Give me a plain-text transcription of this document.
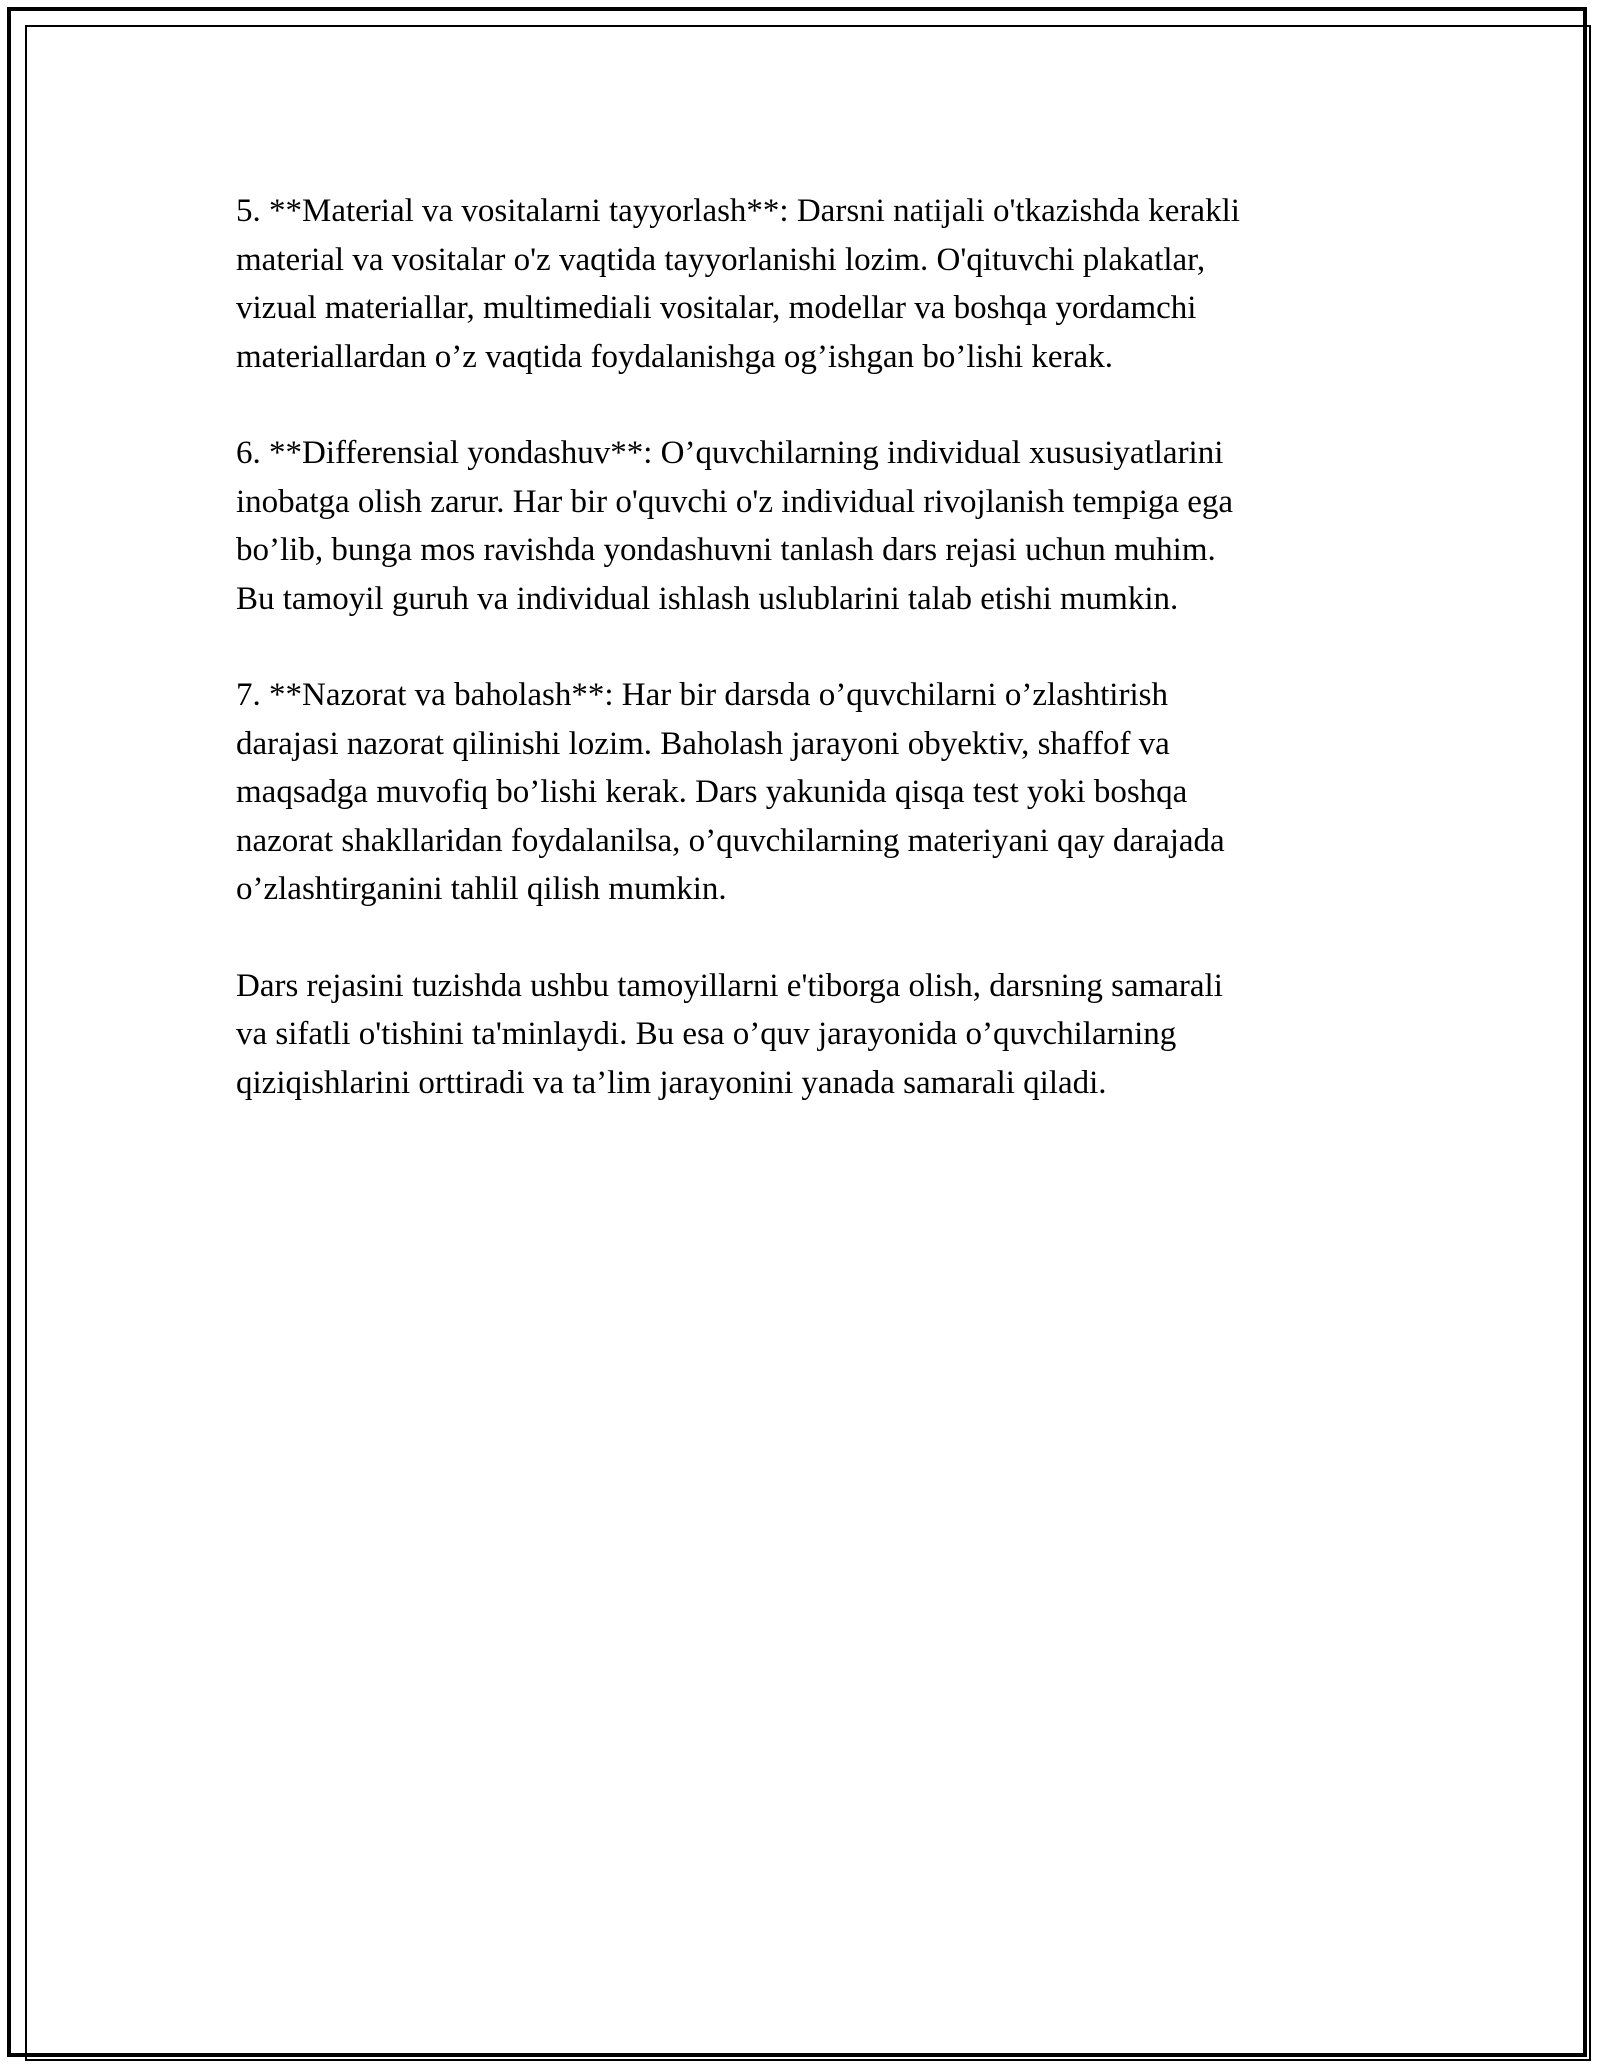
5. **Material va vositalarni tayyorlash**: Darsni natijali o'tkazishda kerakli
material va vositalar o'z vaqtida tayyorlanishi lozim. O'qituvchi plakatlar,
vizual materiallar, multimediali vositalar, modellar va boshqa yordamchi
materiallardan o’z vaqtida foydalanishga og’ishgan bo’lishi kerak.

6. **Differensial yondashuv**: O’quvchilarning individual xususiyatlarini
inobatga olish zarur. Har bir o'quvchi o'z individual rivojlanish tempiga ega
bo’lib, bunga mos ravishda yondashuvni tanlash dars rejasi uchun muhim.
Bu tamoyil guruh va individual ishlash uslublarini talab etishi mumkin.

7. **Nazorat va baholash**: Har bir darsda o’quvchilarni o’zlashtirish
darajasi nazorat qilinishi lozim. Baholash jarayoni obyektiv, shaffof va
maqsadga muvofiq bo’lishi kerak. Dars yakunida qisqa test yoki boshqa
nazorat shakllaridan foydalanilsa, o’quvchilarning materiyani qay darajada
o’zlashtirganini tahlil qilish mumkin.

Dars rejasini tuzishda ushbu tamoyillarni e'tiborga olish, darsning samarali
va sifatli o'tishini ta'minlaydi. Bu esa o’quv jarayonida o’quvchilarning
qiziqishlarini orttiradi va ta’lim jarayonini yanada samarali qiladi.
